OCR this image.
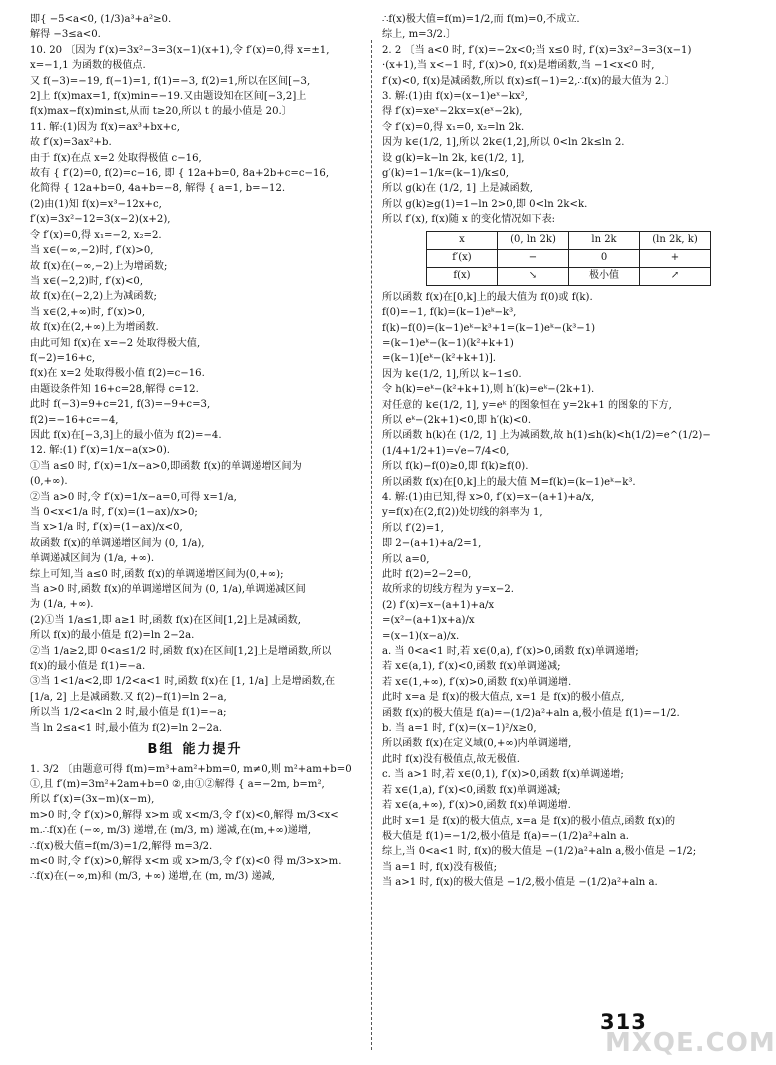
即{ −5<a<0, (1/3)a³+a²≥0.
解得 −3≤a<0.
10. 20 〔因为 f′(x)=3x²−3=3(x−1)(x+1),令 f′(x)=0,得 x=±1,
x=−1,1 为函数的极值点.
又 f(−3)=−19, f(−1)=1, f(1)=−3, f(2)=1,所以在区间[−3,
2]上 f(x)max=1, f(x)min=−19.又由题设知在区间[−3,2]上
f(x)max−f(x)min≤t,从而 t≥20,所以 t 的最小值是 20.〕
11. 解:(1)因为 f(x)=ax³+bx+c,
故 f′(x)=3ax²+b.
由于 f(x)在点 x=2 处取得极值 c−16,
故有 { f′(2)=0, f(2)=c−16, 即 { 12a+b=0, 8a+2b+c=c−16,
化简得 { 12a+b=0, 4a+b=−8, 解得 { a=1, b=−12.
(2)由(1)知 f(x)=x³−12x+c,
f′(x)=3x²−12=3(x−2)(x+2),
令 f′(x)=0,得 x₁=−2, x₂=2.
当 x∈(−∞,−2)时, f′(x)>0,
故 f(x)在(−∞,−2)上为增函数;
当 x∈(−2,2)时, f′(x)<0,
故 f(x)在(−2,2)上为减函数;
当 x∈(2,+∞)时, f′(x)>0,
故 f(x)在(2,+∞)上为增函数.
由此可知 f(x)在 x=−2 处取得极大值,
f(−2)=16+c,
f(x)在 x=2 处取得极小值 f(2)=c−16.
由题设条件知 16+c=28,解得 c=12.
此时 f(−3)=9+c=21, f(3)=−9+c=3,
f(2)=−16+c=−4,
因此 f(x)在[−3,3]上的最小值为 f(2)=−4.
12. 解:(1) f′(x)=1/x−a(x>0).
①当 a≤0 时, f′(x)=1/x−a>0,即函数 f(x)的单调递增区间为
(0,+∞).
②当 a>0 时,令 f′(x)=1/x−a=0,可得 x=1/a,
当 0<x<1/a 时, f′(x)=(1−ax)/x>0;
当 x>1/a 时, f′(x)=(1−ax)/x<0,
故函数 f(x)的单调递增区间为 (0, 1/a),
单调递减区间为 (1/a, +∞).
综上可知,当 a≤0 时,函数 f(x)的单调递增区间为(0,+∞);
当 a>0 时,函数 f(x)的单调递增区间为 (0, 1/a),单调递减区间
为 (1/a, +∞).
(2)①当 1/a≤1,即 a≥1 时,函数 f(x)在区间[1,2]上是减函数,
所以 f(x)的最小值是 f(2)=ln 2−2a.
②当 1/a≥2,即 0<a≤1/2 时,函数 f(x)在区间[1,2]上是增函数,所以
f(x)的最小值是 f(1)=−a.
③当 1<1/a<2,即 1/2<a<1 时,函数 f(x)在 [1, 1/a] 上是增函数,在
[1/a, 2] 上是减函数.又 f(2)−f(1)=ln 2−a,
所以当 1/2<a<ln 2 时,最小值是 f(1)=−a;
当 ln 2≤a<1 时,最小值为 f(2)=ln 2−2a.
B组 能力提升
1. 3/2 〔由题意可得 f(m)=m³+am²+bm=0, m≠0,则 m²+am+b=0
①,且 f′(m)=3m²+2am+b=0 ②,由①②解得 { a=−2m, b=m²,
所以 f′(x)=(3x−m)(x−m),
m>0 时,令 f′(x)>0,解得 x>m 或 x<m/3,令 f′(x)<0,解得 m/3<x<
m.∴f(x)在 (−∞, m/3) 递增,在 (m/3, m) 递减,在(m,+∞)递增,
∴f(x)极大值=f(m/3)=1/2,解得 m=3/2.
m<0 时,令 f′(x)>0,解得 x<m 或 x>m/3,令 f′(x)<0 得 m/3>x>m.
∴f(x)在(−∞,m)和 (m/3, +∞) 递增,在 (m, m/3) 递减,
∴f(x)极大值=f(m)=1/2,而 f(m)=0,不成立.
综上, m=3/2.〕
2. 2 〔当 a<0 时, f′(x)=−2x<0;当 x≤0 时, f′(x)=3x²−3=3(x−1)
·(x+1),当 x<−1 时, f′(x)>0, f(x)是增函数,当 −1<x<0 时,
f′(x)<0, f(x)是减函数,所以 f(x)≤f(−1)=2,∴f(x)的最大值为 2.〕
3. 解:(1)由 f(x)=(x−1)eˣ−kx²,
得 f′(x)=xeˣ−2kx=x(eˣ−2k),
令 f′(x)=0,得 x₁=0, x₂=ln 2k.
因为 k∈(1/2, 1],所以 2k∈(1,2],所以 0<ln 2k≤ln 2.
设 g(k)=k−ln 2k, k∈(1/2, 1],
g′(k)=1−1/k=(k−1)/k≤0,
所以 g(k)在 (1/2, 1] 上是减函数,
所以 g(k)≥g(1)=1−ln 2>0,即 0<ln 2k<k.
所以 f′(x), f(x)随 x 的变化情况如下表:
x	(0, ln 2k)	ln 2k	(ln 2k, k)
f′(x)	−	0	+
f(x)	↘	极小值	↗
所以函数 f(x)在[0,k]上的最大值为 f(0)或 f(k).
f(0)=−1, f(k)=(k−1)eᵏ−k³,
f(k)−f(0)=(k−1)eᵏ−k³+1=(k−1)eᵏ−(k³−1)
=(k−1)eᵏ−(k−1)(k²+k+1)
=(k−1)[eᵏ−(k²+k+1)].
因为 k∈(1/2, 1],所以 k−1≤0.
令 h(k)=eᵏ−(k²+k+1),则 h′(k)=eᵏ−(2k+1).
对任意的 k∈(1/2, 1], y=eᵏ 的图象恒在 y=2k+1 的图象的下方,
所以 eᵏ−(2k+1)<0,即 h′(k)<0.
所以函数 h(k)在 (1/2, 1] 上为减函数,故 h(1)≤h(k)<h(1/2)=e^(1/2)−
(1/4+1/2+1)=√e−7/4<0,
所以 f(k)−f(0)≥0,即 f(k)≥f(0).
所以函数 f(x)在[0,k]上的最大值 M=f(k)=(k−1)eᵏ−k³.
4. 解:(1)由已知,得 x>0, f′(x)=x−(a+1)+a/x,
y=f(x)在(2,f(2))处切线的斜率为 1,
所以 f′(2)=1,
即 2−(a+1)+a/2=1,
所以 a=0,
此时 f(2)=2−2=0,
故所求的切线方程为 y=x−2.
(2) f′(x)=x−(a+1)+a/x
=(x²−(a+1)x+a)/x
=(x−1)(x−a)/x.
a. 当 0<a<1 时,若 x∈(0,a), f′(x)>0,函数 f(x)单调递增;
若 x∈(a,1), f′(x)<0,函数 f(x)单调递减;
若 x∈(1,+∞), f′(x)>0,函数 f(x)单调递增.
此时 x=a 是 f(x)的极大值点, x=1 是 f(x)的极小值点,
函数 f(x)的极大值是 f(a)=−(1/2)a²+aln a,极小值是 f(1)=−1/2.
b. 当 a=1 时, f′(x)=(x−1)²/x≥0,
所以函数 f(x)在定义域(0,+∞)内单调递增,
此时 f(x)没有极值点,故无极值.
c. 当 a>1 时,若 x∈(0,1), f′(x)>0,函数 f(x)单调递增;
若 x∈(1,a), f′(x)<0,函数 f(x)单调递减;
若 x∈(a,+∞), f′(x)>0,函数 f(x)单调递增.
此时 x=1 是 f(x)的极大值点, x=a 是 f(x)的极小值点,函数 f(x)的
极大值是 f(1)=−1/2,极小值是 f(a)=−(1/2)a²+aln a.
综上,当 0<a<1 时, f(x)的极大值是 −(1/2)a²+aln a,极小值是 −1/2;
当 a=1 时, f(x)没有极值;
当 a>1 时, f(x)的极大值是 −1/2,极小值是 −(1/2)a²+aln a.
313
MXQE.COM
